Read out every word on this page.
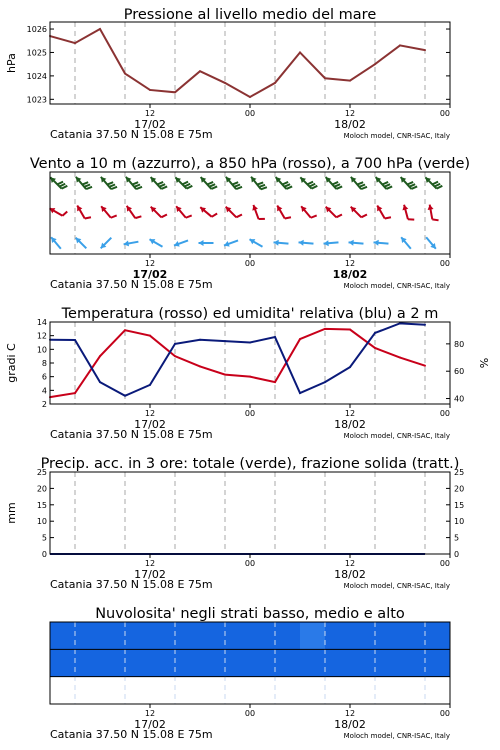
Pressione al livello medio del mare
1023
1024
1025
1026
hPa
12	00	12	00
17/02	18/02
Catania 37.50 N 15.08 E 75m	Moloch model, CNR-ISAC, Italy
Vento a 10 m (azzurro), a 850 hPa (rosso), a 700 hPa (verde)
12	00	12	00
17/02	18/02
Catania 37.50 N 15.08 E 75m	Moloch model, CNR-ISAC, Italy
Temperatura (rosso) ed umidita' relativa (blu) a 2 m
2
4
6
8
10
12
14
40
60
80
gradi C	%
12	00	12	00
17/02	18/02
Catania 37.50 N 15.08 E 75m	Moloch model, CNR-ISAC, Italy
Precip. acc. in 3 ore: totale (verde), frazione solida (tratt.)
0
5
10
15
20
25
0
5
10
15
20
25
mm
12	00	12	00
17/02	18/02
Catania 37.50 N 15.08 E 75m	Moloch model, CNR-ISAC, Italy
Nuvolosita' negli strati basso, medio e alto
12	00	12	00
17/02	18/02
Catania 37.50 N 15.08 E 75m	Moloch model, CNR-ISAC, Italy
